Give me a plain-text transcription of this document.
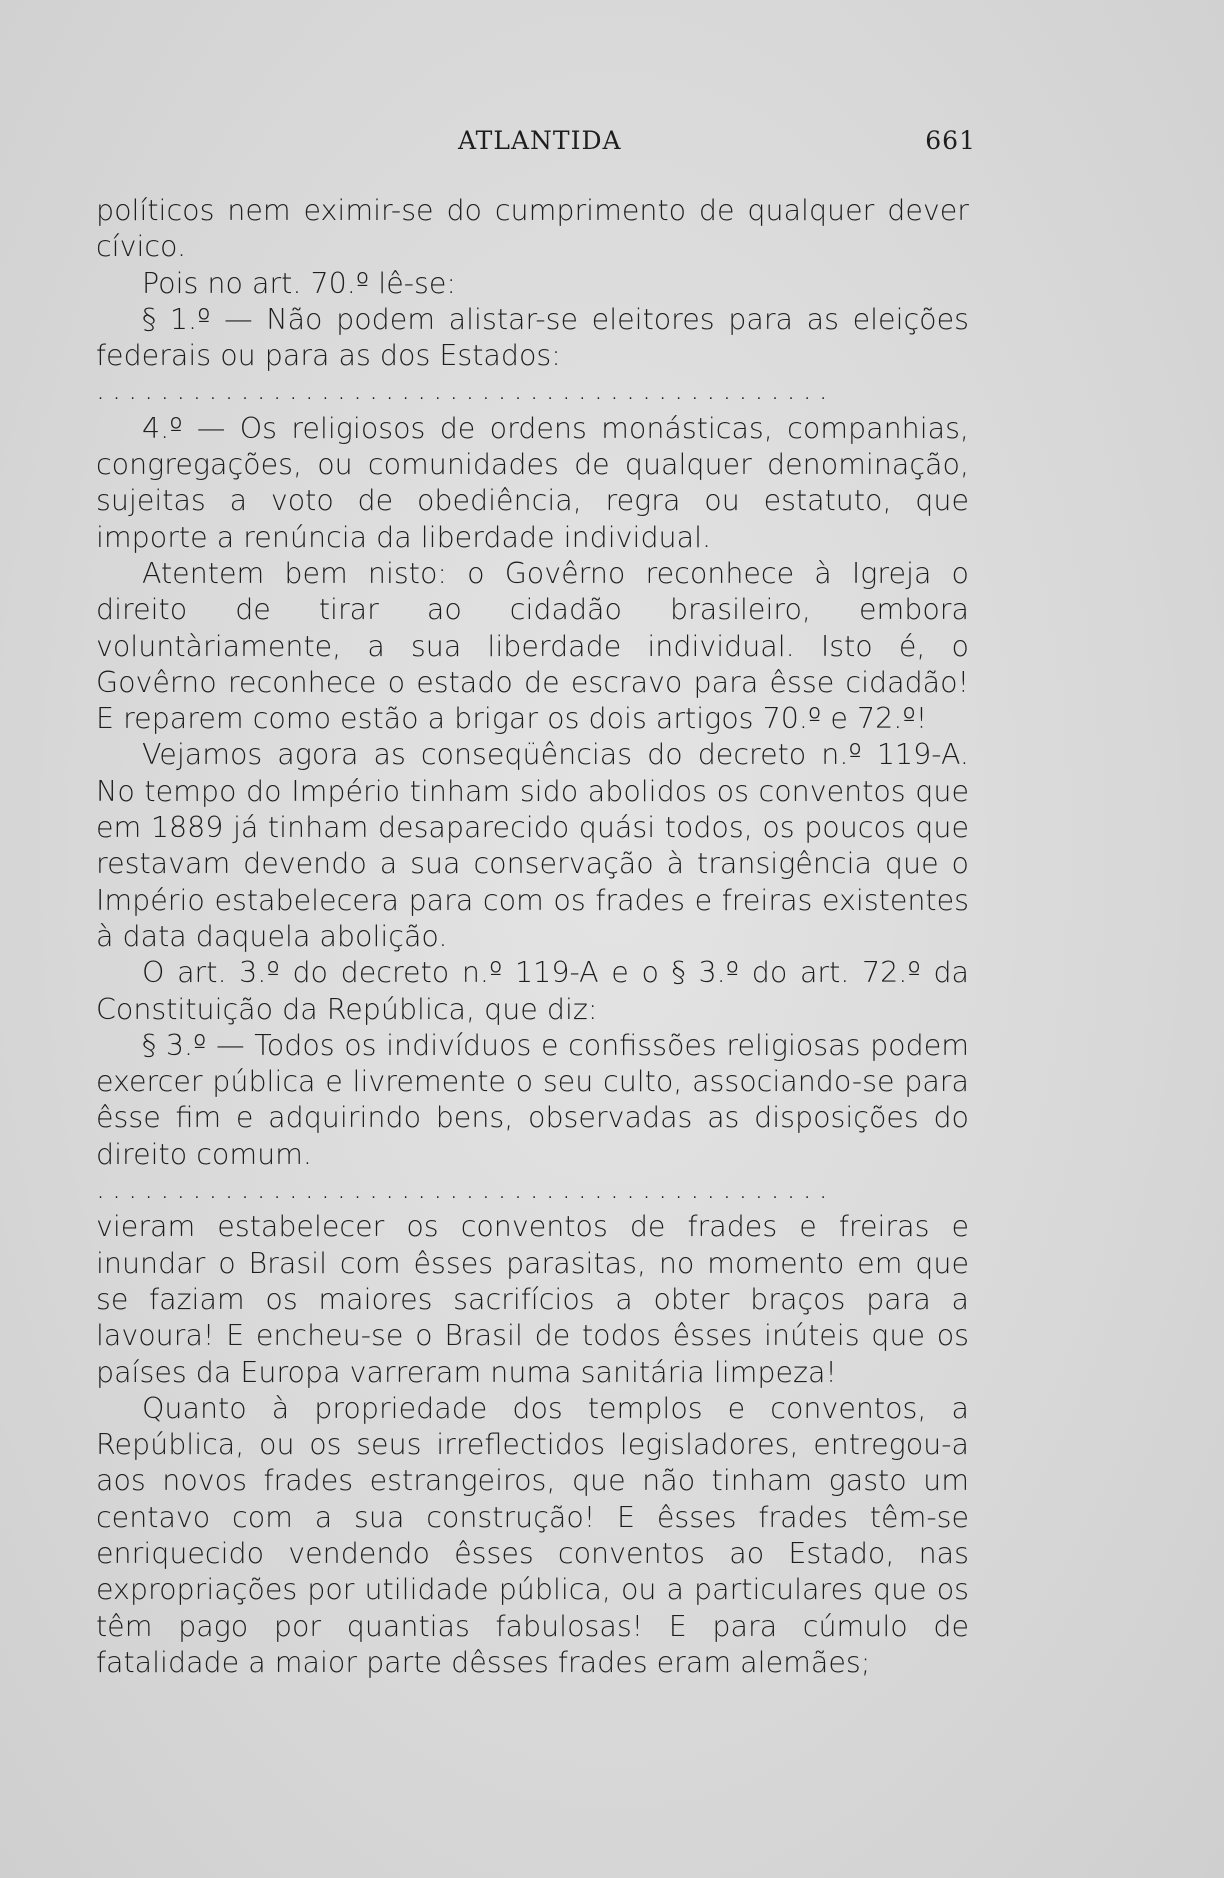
ATLANTIDA	661

políticos nem eximir-se do cumprimento de qualquer dever cívico.

Pois no art. 70.º lê-se:

§ 1.º — Não podem alistar-se eleitores para as eleições federais ou para as dos Estados:

..............................................

4.º — Os religiosos de ordens monásticas, companhias, congregações, ou comunidades de qualquer denominação, sujeitas a voto de obediência, regra ou estatuto, que importe a renúncia da liberdade individual.

Atentem bem nisto: o Govêrno reconhece à Igreja o direito de tirar ao cidadão brasileiro, embora voluntàriamente, a sua liberdade individual. Isto é, o Govêrno reconhece o estado de escravo para êsse cidadão! E reparem como estão a brigar os dois artigos 70.º e 72.º!

Vejamos agora as conseqüências do decreto n.º 119-A. No tempo do Império tinham sido abolidos os conventos que em 1889 já tinham desaparecido quási todos, os poucos que restavam devendo a sua conservação à transigência que o Império estabelecera para com os frades e freiras existentes à data daquela abolição.

O art. 3.º do decreto n.º 119-A e o § 3.º do art. 72.º da Constituição da República, que diz:

§ 3.º — Todos os indivíduos e confissões religiosas podem exercer pública e livremente o seu culto, associando-se para êsse fim e adquirindo bens, observadas as disposições do direito comum.

..............................................

vieram estabelecer os conventos de frades e freiras e inundar o Brasil com êsses parasitas, no momento em que se faziam os maiores sacrifícios a obter braços para a lavoura! E encheu-se o Brasil de todos êsses inúteis que os países da Europa varreram numa sanitária limpeza!

Quanto à propriedade dos templos e conventos, a República, ou os seus irreflectidos legisladores, entregou-a aos novos frades estrangeiros, que não tinham gasto um centavo com a sua construção! E êsses frades têm-se enriquecido vendendo êsses conventos ao Estado, nas expropriações por utilidade pública, ou a particulares que os têm pago por quantias fabulosas! E para cúmulo de fatalidade a maior parte dêsses frades eram alemães;
